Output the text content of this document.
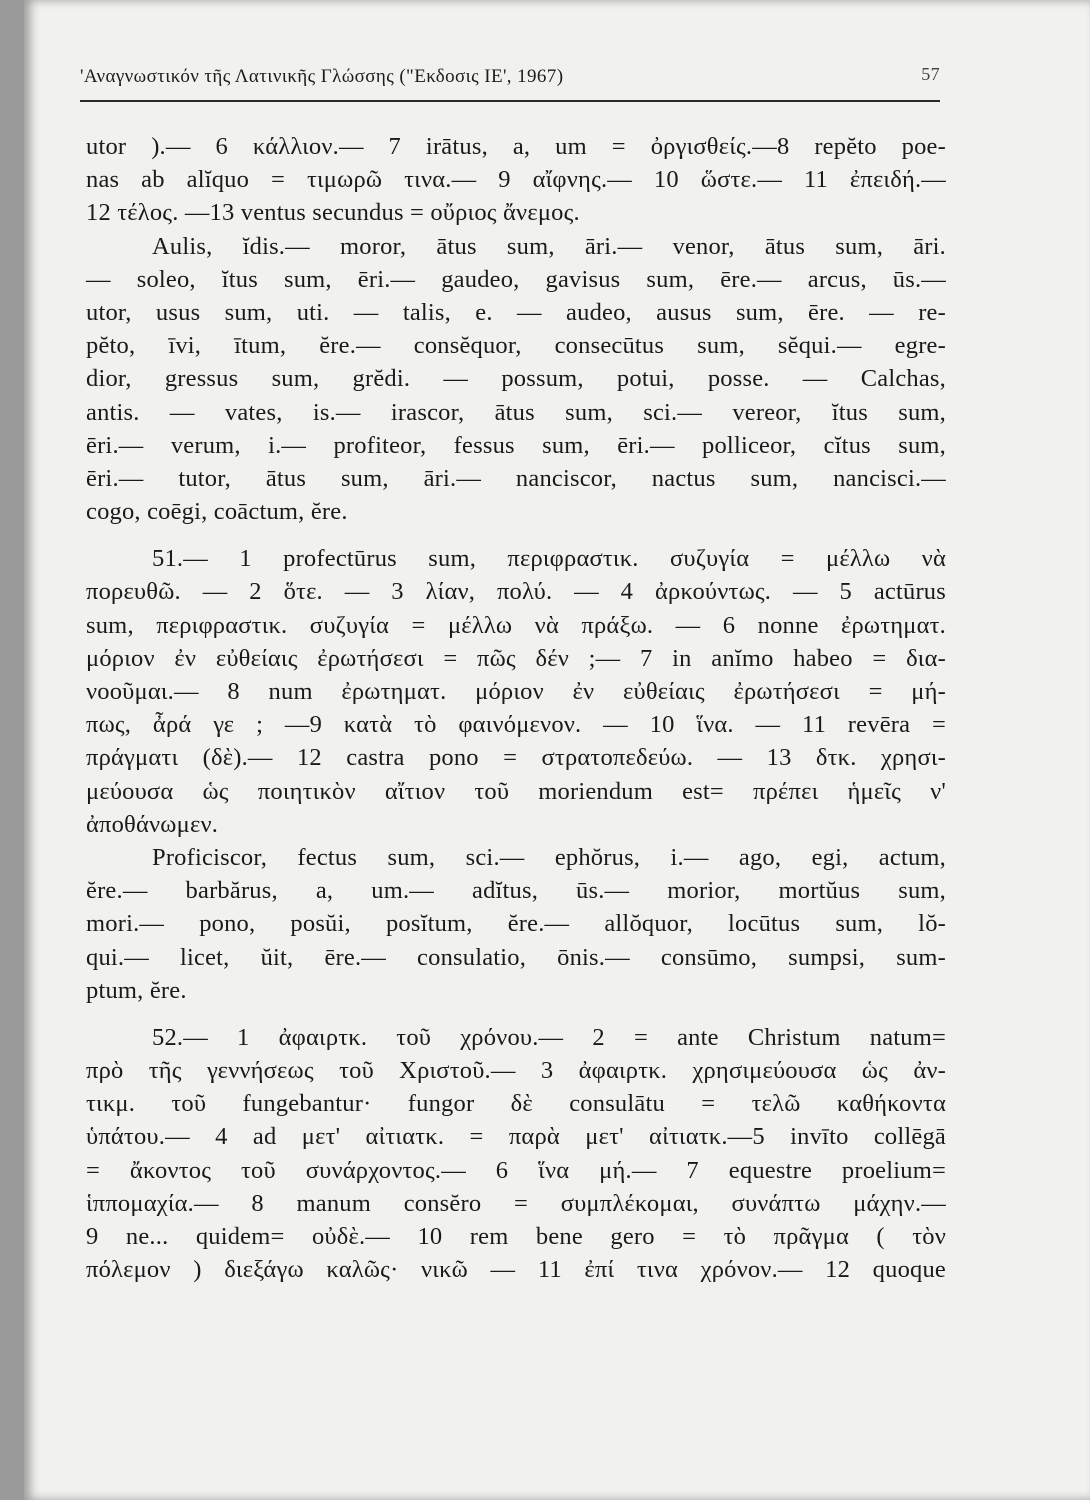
'Αναγνωστικόν τῆς Λατινικῆς Γλώσσης ("Εκδοσις ΙΕ', 1967)	57
utor ).— 6 κάλλιον.— 7 irātus, a, um = ὀργισθείς.—8 repĕto poe-
nas ab alĭquo = τιμωρῶ τινα.— 9 αἴφνης.— 10 ὥστε.— 11 ἐπειδή.—
12 τέλος. —13 ventus secundus = οὔριος ἄνεμος.
Aulis, ĭdis.— moror, ātus sum, āri.— venor, ātus sum, āri.
— soleo, ĭtus sum, ēri.— gaudeo, gavisus sum, ēre.— arcus, ūs.—
utor, usus sum, uti. — talis, e. — audeo, ausus sum, ēre. — re-
pĕto, īvi, ītum, ĕre.— consĕquor, consecūtus sum, sĕqui.— egre-
dior, gressus sum, grĕdi. — possum, potui, posse. — Calchas,
antis. — vates, is.— irascor, ātus sum, sci.— vereor, ĭtus sum,
ēri.— verum, i.— profiteor, fessus sum, ēri.— polliceor, cĭtus sum,
ēri.— tutor, ātus sum, āri.— nanciscor, nactus sum, nancisci.—
cogo, coēgi, coāctum, ĕre.
51.— 1 profectūrus sum, περιφραστικ. συζυγία = μέλλω νὰ
πορευθῶ. — 2 ὅτε. — 3 λίαν, πολύ. — 4 ἀρκούντως. — 5 actūrus
sum, περιφραστικ. συζυγία = μέλλω νὰ πράξω. — 6 nonne ἐρωτηματ.
μόριον ἐν εὐθείαις ἐρωτήσεσι = πῶς δέν ;— 7 in anĭmo habeo = δια-
νοοῦμαι.— 8 num ἐρωτηματ. μόριον ἐν εὐθείαις ἐρωτήσεσι = μή-
πως, ἆρά γε ; —9 κατὰ τὸ φαινόμενον. — 10 ἵνα. — 11 revēra =
πράγματι (δὲ).— 12 castra pono = στρατοπεδεύω. — 13 δτκ. χρησι-
μεύουσα ὡς ποιητικὸν αἴτιον τοῦ moriendum est= πρέπει ἡμεῖς ν'
ἀποθάνωμεν.
Proficiscor, fectus sum, sci.— ephŏrus, i.— ago, egi, actum,
ĕre.— barbărus, a, um.— adĭtus, ūs.— morior, mortŭus sum,
mori.— pono, posŭi, posĭtum, ĕre.— allŏquor, locūtus sum, lŏ-
qui.— licet, ŭit, ēre.— consulatio, ōnis.— consūmo, sumpsi, sum-
ptum, ĕre.
52.— 1 ἀφαιρτκ. τοῦ χρόνου.— 2 = ante Christum natum=
πρὸ τῆς γεννήσεως τοῦ Χριστοῦ.— 3 ἀφαιρτκ. χρησιμεύουσα ὡς ἀν-
τικμ. τοῦ fungebantur· fungor δὲ consulātu = τελῶ καθήκοντα
ὑπάτου.— 4 ad μετ' αἰτιατκ. = παρὰ μετ' αἰτιατκ.—5 invīto collēgā
= ἄκοντος τοῦ συνάρχοντος.— 6 ἵνα μή.— 7 equestre proelium=
ἱππομαχία.— 8 manum consĕro = συμπλέκομαι, συνάπτω μάχην.—
9 ne... quidem= οὐδὲ.— 10 rem bene gero = τὸ πρᾶγμα ( τὸν
πόλεμον ) διεξάγω καλῶς· νικῶ — 11 ἐπί τινα χρόνον.— 12 quoque
